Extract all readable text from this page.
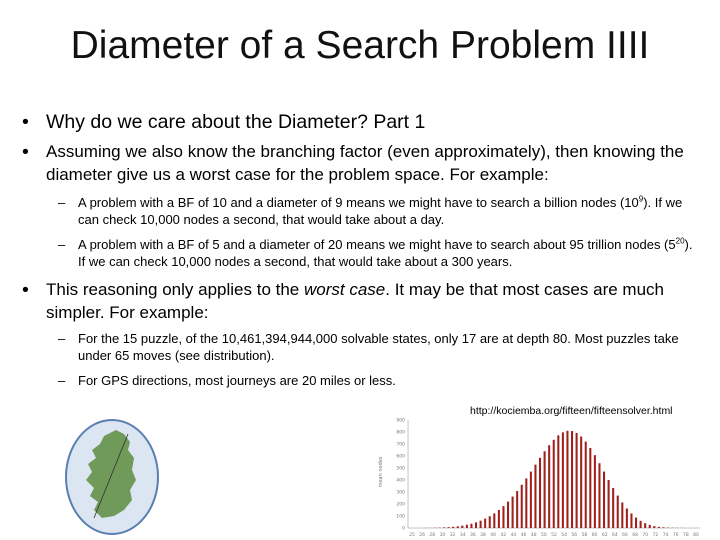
Diameter of a Search Problem IIII
• Why do we care about the Diameter? Part 1
• Assuming we also know the branching factor (even approximately), then knowing the diameter give us a worst case for the problem space. For example:
– A problem with a BF of 10 and a diameter of 9 means we might have to search a billion nodes $(10^9)$. If we can check 10,000 nodes a second, that would take about a day.
– A problem with a BF of 5 and a diameter of 20 means we might have to search about 95 trillion nodes $(5^{20})$. If we can check 10,000 nodes a second, that would take about a 300 years.
• This reasoning only applies to the worst case. It may be that most cases are much simpler. For example:
– For the 15 puzzle, of the 10,461,394,944,000 solvable states, only 17 are at depth 80. Most puzzles take under 65 moves (see distribution).
– For GPS directions, most journeys are 20 miles or less.
http://kociemba.org/fifteen/fifteensolver.html
mean nodes
0
100
200
300
400
500
600
700
800
900
25 26 28 30 32 34 36 38 40 42 44 46 48 50 52 54 56 58 60 62 64 66 68 70 72 74 76 78 80
